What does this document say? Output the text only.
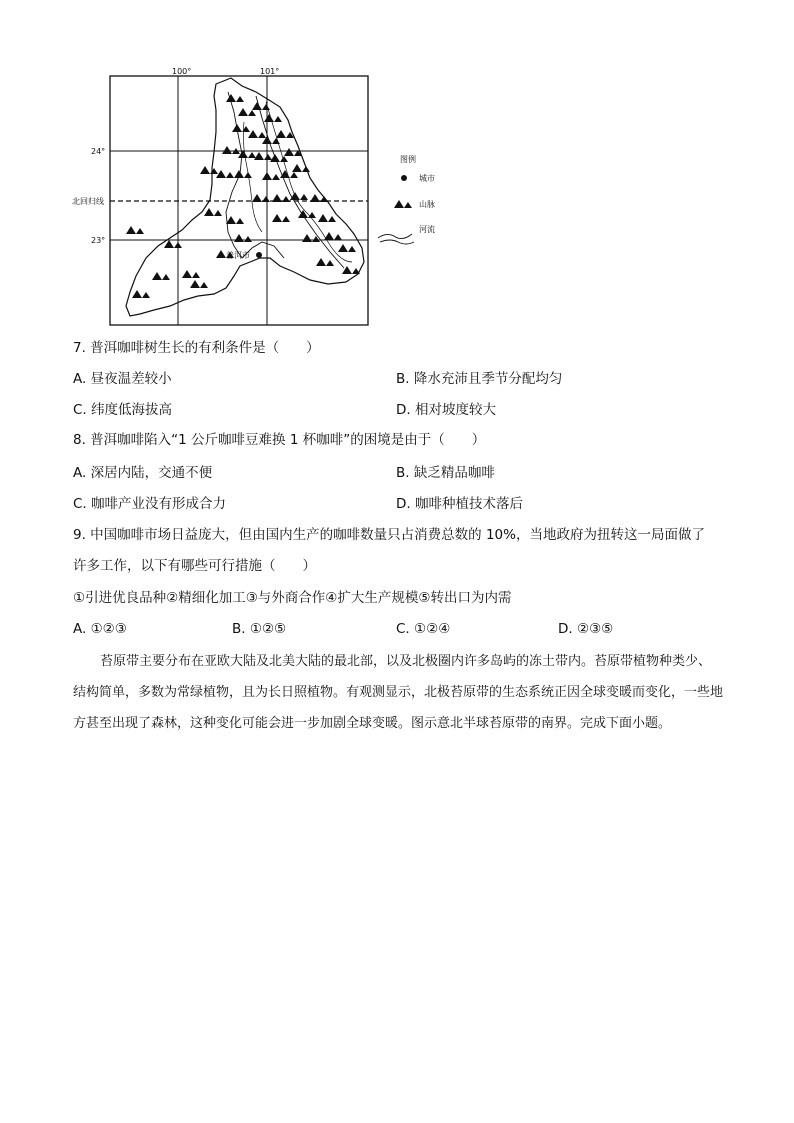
100°	101°
24°
23°
北回归线
普洱市
图例
城市
山脉
河流
7. 普洱咖啡树生长的有利条件是（　　）
A. 昼夜温差较小	B. 降水充沛且季节分配均匀
C. 纬度低海拔高	D. 相对坡度较大
8. 普洱咖啡陷入“1 公斤咖啡豆难换 1 杯咖啡”的困境是由于（　　）
A. 深居内陆，交通不便	B. 缺乏精品咖啡
C. 咖啡产业没有形成合力	D. 咖啡种植技术落后
9. 中国咖啡市场日益庞大，但由国内生产的咖啡数量只占消费总数的 10%，当地政府为扭转这一局面做了
许多工作，以下有哪些可行措施（　　）
①引进优良品种②精细化加工③与外商合作④扩大生产规模⑤转出口为内需
A. ①②③	B. ①②⑤	C. ①②④	D. ②③⑤
苔原带主要分布在亚欧大陆及北美大陆的最北部，以及北极圈内许多岛屿的冻土带内。苔原带植物种类少、结构简单，多数为常绿植物，且为长日照植物。有观测显示，北极苔原带的生态系统正因全球变暖而变化，一些地方甚至出现了森林，这种变化可能会进一步加剧全球变暖。图示意北半球苔原带的南界。完成下面小题。
